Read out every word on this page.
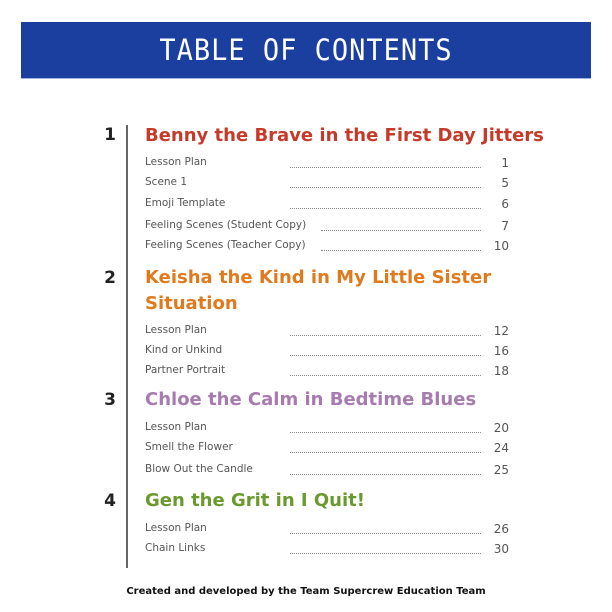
TABLE OF CONTENTS
1 Benny the Brave in the First Day Jitters
Lesson Plan	1
Scene 1	5
Emoji Template	6
Feeling Scenes (Student Copy)	7
Feeling Scenes (Teacher Copy)	10
2 Keisha the Kind in My Little Sister
Situation
Lesson Plan	12
Kind or Unkind	16
Partner Portrait	18
3 Chloe the Calm in Bedtime Blues
Lesson Plan	20
Smell the Flower	24
Blow Out the Candle	25
4 Gen the Grit in I Quit!
Lesson Plan	26
Chain Links	30
Created and developed by the Team Supercrew Education Team
